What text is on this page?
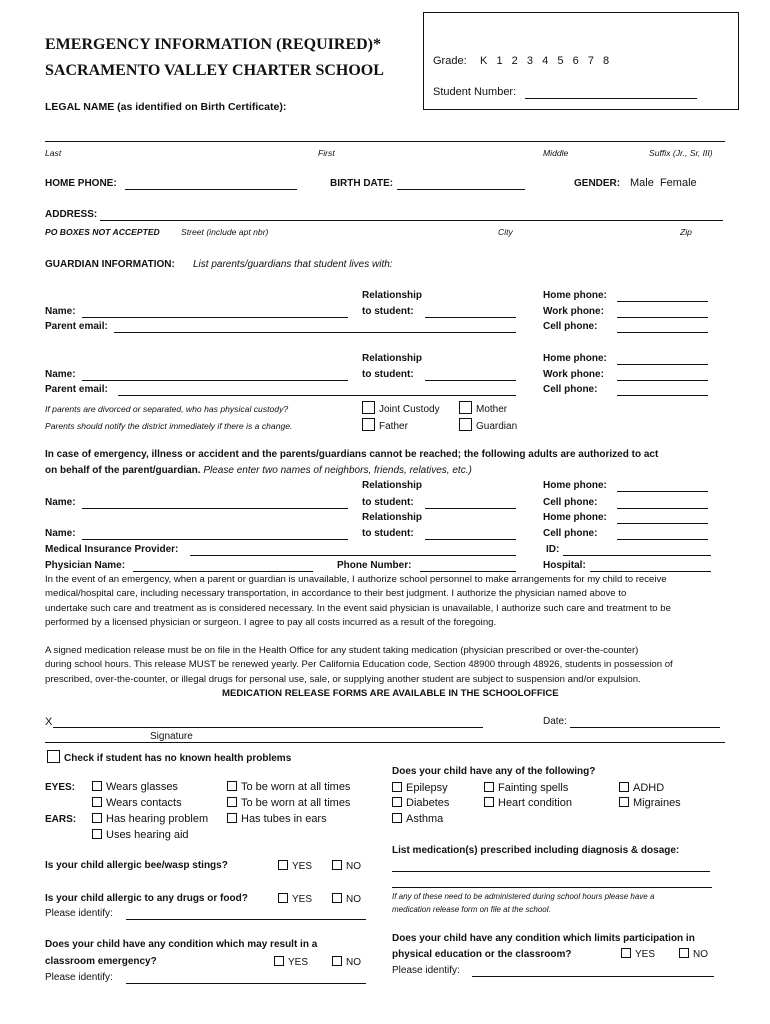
EMERGENCY INFORMATION (REQUIRED)*
SACRAMENTO VALLEY CHARTER SCHOOL
Grade: K  1  2  3  4  5  6  7  8
Student Number:
LEGAL NAME (as identified on Birth Certificate):
Last	First	Middle	Suffix (Jr., Sr, III)
HOME PHONE:	BIRTH DATE:	GENDER: Male  Female
ADDRESS:
PO BOXES NOT ACCEPTED Street (include apt nbr)	City	Zip
GUARDIAN INFORMATION: List parents/guardians that student lives with:
Relationship
to student:
Name:
Parent email:
Home phone:
Work phone:
Cell phone:
Relationship
to student:
Name:
Parent email:
Home phone:
Work phone:
Cell phone:
If parents are divorced or separated, who has physical custody?
Parents should notify the district immediately if there is a change.
Joint Custody	Mother
Father	Guardian
In case of emergency, illness or accident and the parents/guardians cannot be reached; the following adults are authorized to act
on behalf of the parent/guardian. Please enter two names of neighbors, friends, relatives, etc.)
Relationship
to student:
Name:
Home phone:
Cell phone:
Relationship
to student:
Name:
Home phone:
Cell phone:
Medical Insurance Provider:	ID:
Physician Name:	Phone Number:	Hospital:
In the event of an emergency, when a parent or guardian is unavailable, I authorize school personnel to make arrangements for my child to receive
medical/hospital care, including necessary transportation, in accordance to their best judgment. I authorize the physician named above to
undertake such care and treatment as is considered necessary. In the event said physician is unavailable, I authorize such care and treatment to be
performed by a licensed physician or surgeon. I agree to pay all costs incurred as a result of the foregoing.
A signed medication release must be on file in the Health Office for any student taking medication (physician prescribed or over-the-counter)
during school hours. This release MUST be renewed yearly. Per California Education code, Section 48900 through 48926, students in possession of
prescribed, over-the-counter, or illegal drugs for personal use, sale, or supplying another student are subject to suspension and/or expulsion.
MEDICATION RELEASE FORMS ARE AVAILABLE IN THE SCHOOLOFFICE
X
Signature
Date:
Check if student has no known health problems
EYES:	Wears glasses	To be worn at all times
Wears contacts	To be worn at all times
EARS:	Has hearing problem	Has tubes in ears
Uses hearing aid
Is your child allergic bee/wasp stings?	YES	NO
Is your child allergic to any drugs or food?	YES	NO
Please identify:
Does your child have any condition which may result in a
classroom emergency?	YES	NO
Please identify:
Does your child have any of the following?
Epilepsy	Fainting spells	ADHD
Diabetes	Heart condition	Migraines
Asthma
List medication(s) prescribed including diagnosis & dosage:
If any of these need to be administered during school hours please have a
medication release form on file at the school.
Does your child have any condition which limits participation in
physical education or the classroom?	YES	NO
Please identify:
